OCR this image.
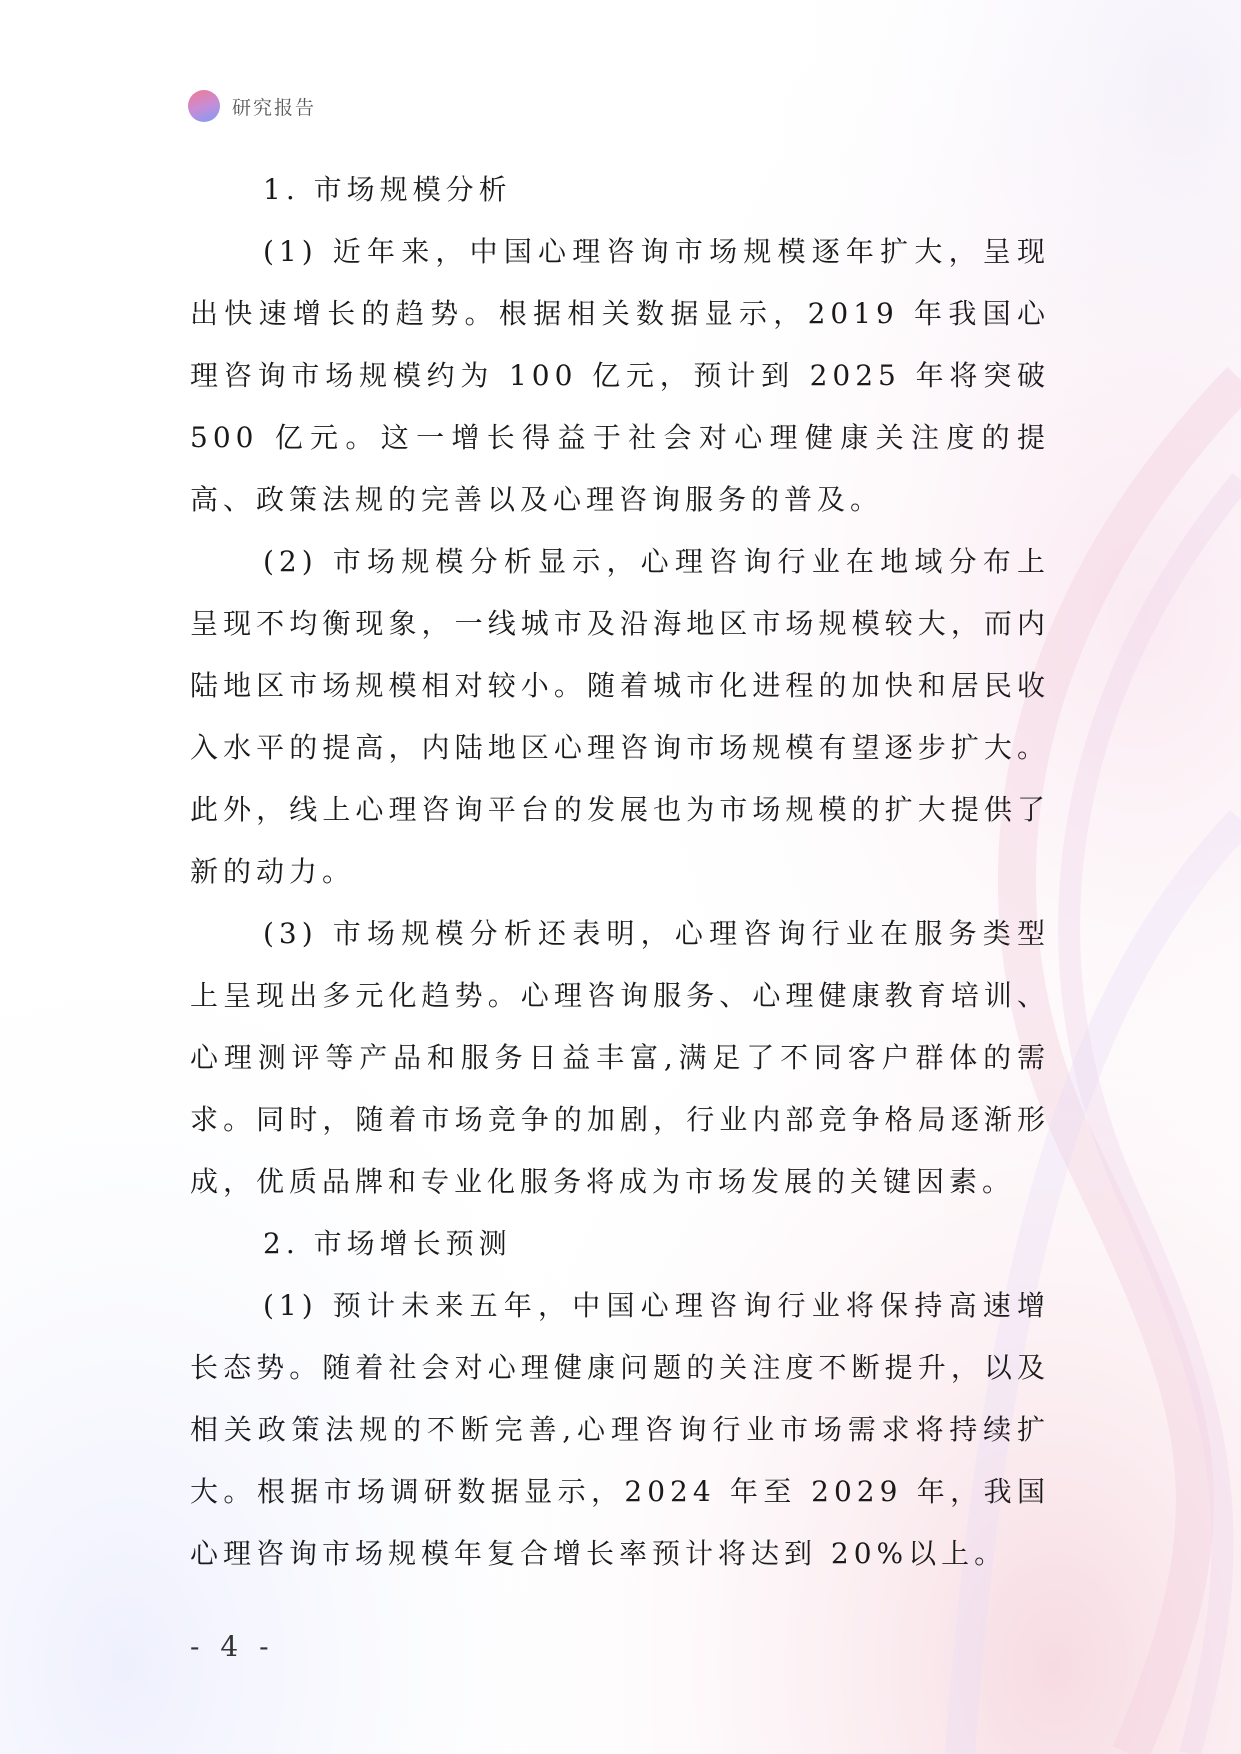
研究报告

1. 市场规模分析

(1) 近年来，中国心理咨询市场规模逐年扩大，呈现出快速增长的趋势。根据相关数据显示，2019 年我国心理咨询市场规模约为 100 亿元，预计到 2025 年将突破 500 亿元。这一增长得益于社会对心理健康关注度的提高、政策法规的完善以及心理咨询服务的普及。

(2) 市场规模分析显示，心理咨询行业在地域分布上呈现不均衡现象，一线城市及沿海地区市场规模较大，而内陆地区市场规模相对较小。随着城市化进程的加快和居民收入水平的提高，内陆地区心理咨询市场规模有望逐步扩大。此外，线上心理咨询平台的发展也为市场规模的扩大提供了新的动力。

(3) 市场规模分析还表明，心理咨询行业在服务类型上呈现出多元化趋势。心理咨询服务、心理健康教育培训、心理测评等产品和服务日益丰富,满足了不同客户群体的需求。同时，随着市场竞争的加剧，行业内部竞争格局逐渐形成，优质品牌和专业化服务将成为市场发展的关键因素。

2. 市场增长预测

(1) 预计未来五年，中国心理咨询行业将保持高速增长态势。随着社会对心理健康问题的关注度不断提升，以及相关政策法规的不断完善,心理咨询行业市场需求将持续扩大。根据市场调研数据显示，2024 年至 2029 年，我国心理咨询市场规模年复合增长率预计将达到 20%以上。

- 4 -
